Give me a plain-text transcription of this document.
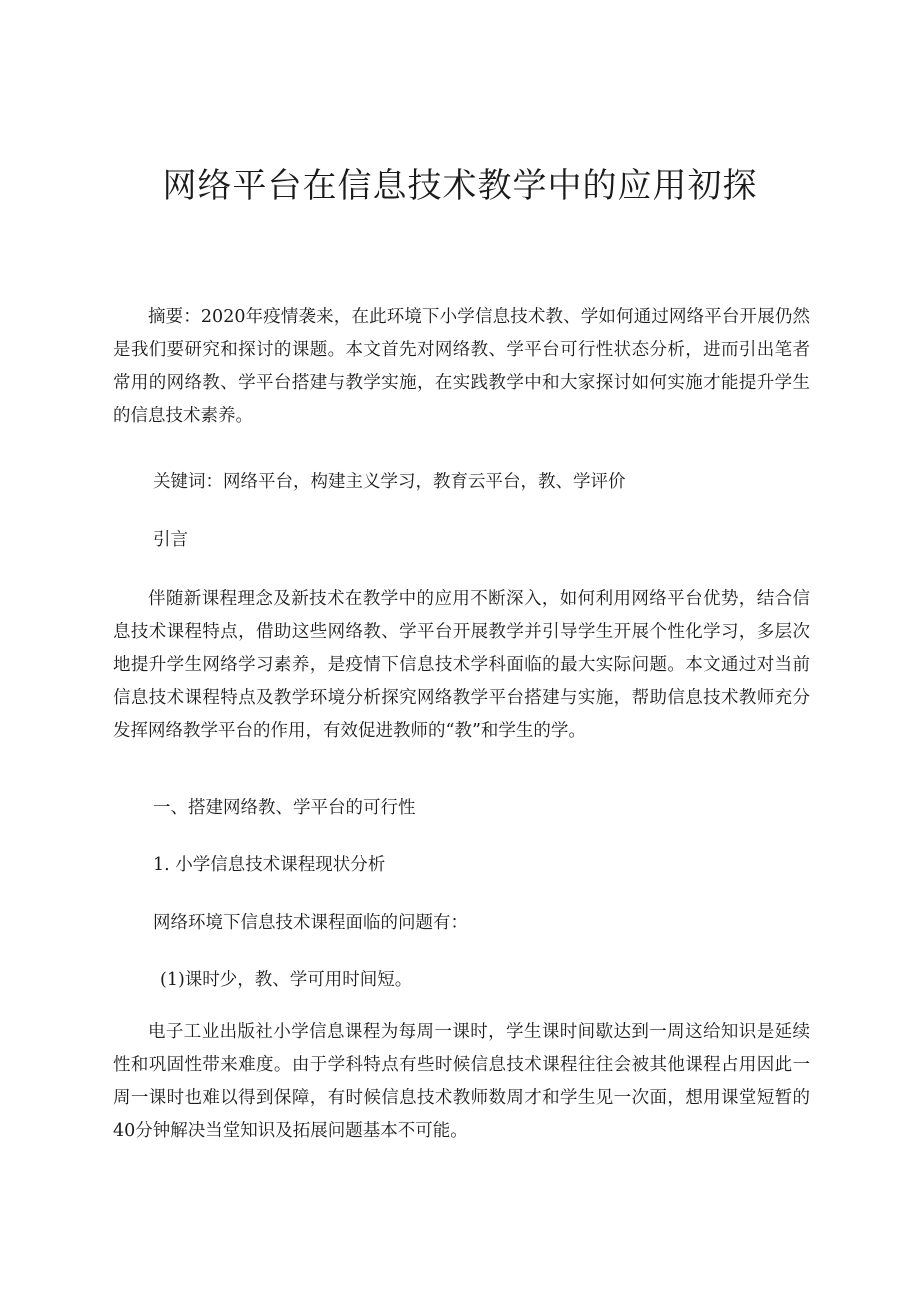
网络平台在信息技术教学中的应用初探

摘要：2020年疫情袭来，在此环境下小学信息技术教、学如何通过网络平台开展仍然是我们要研究和探讨的课题。本文首先对网络教、学平台可行性状态分析，进而引出笔者常用的网络教、学平台搭建与教学实施，在实践教学中和大家探讨如何实施才能提升学生的信息技术素养。

关键词：网络平台，构建主义学习，教育云平台，教、学评价

引言

伴随新课程理念及新技术在教学中的应用不断深入，如何利用网络平台优势，结合信息技术课程特点，借助这些网络教、学平台开展教学并引导学生开展个性化学习，多层次地提升学生网络学习素养，是疫情下信息技术学科面临的最大实际问题。本文通过对当前信息技术课程特点及教学环境分析探究网络教学平台搭建与实施，帮助信息技术教师充分发挥网络教学平台的作用，有效促进教师的“教”和学生的学。

一、搭建网络教、学平台的可行性

1. 小学信息技术课程现状分析

网络环境下信息技术课程面临的问题有：

(1)课时少，教、学可用时间短。

电子工业出版社小学信息课程为每周一课时，学生课时间歇达到一周这给知识是延续性和巩固性带来难度。由于学科特点有些时候信息技术课程往往会被其他课程占用因此一周一课时也难以得到保障，有时候信息技术教师数周才和学生见一次面，想用课堂短暂的40分钟解决当堂知识及拓展问题基本不可能。
